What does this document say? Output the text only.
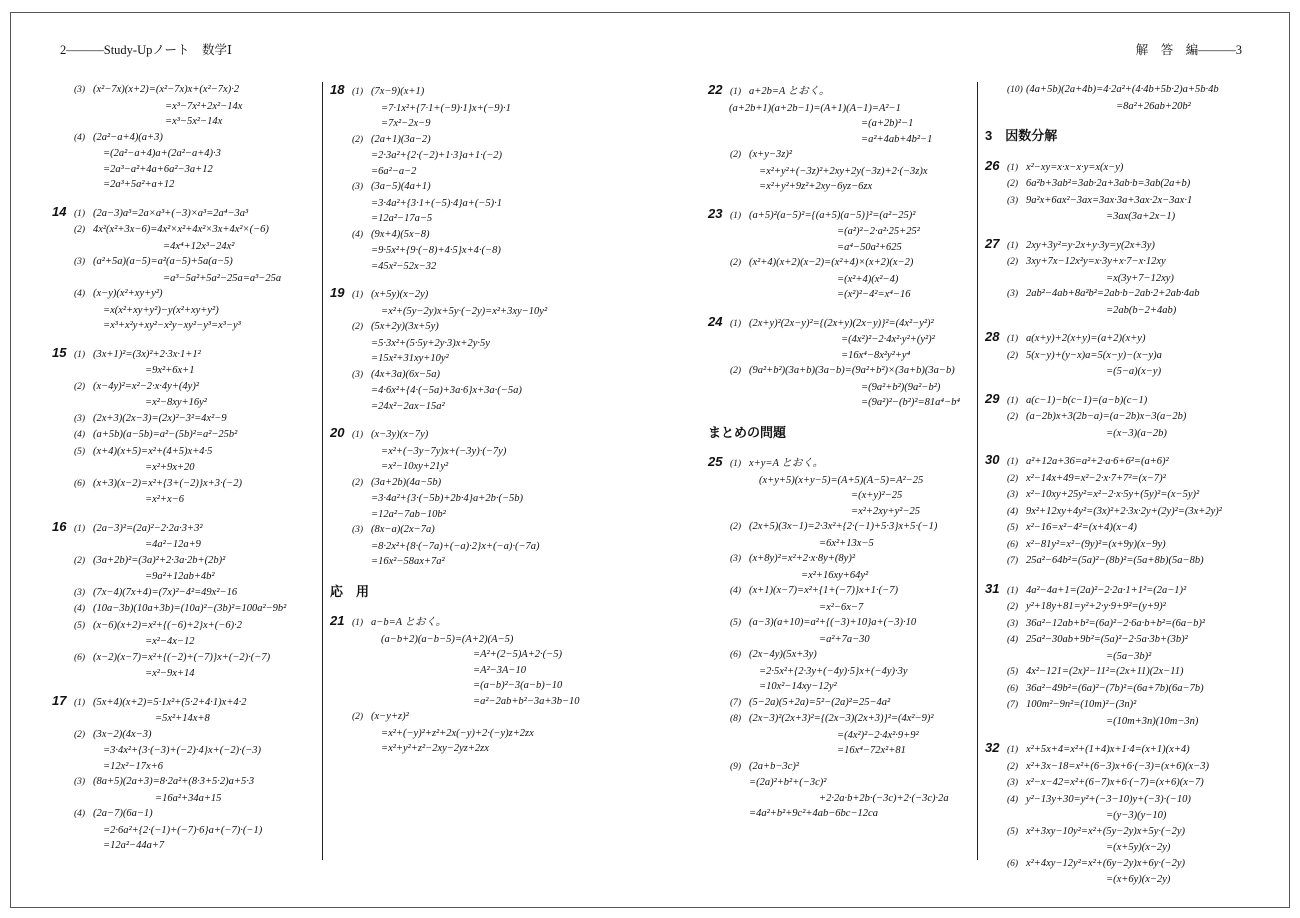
2———Study-Upノート　数学Ⅰ	解　答　編———3
(3) (x²−7x)(x+2)=(x²−7x)x+(x²−7x)·2
=x³−7x²+2x²−14x
=x³−5x²−14x
(4) (2a²−a+4)(a+3)
=(2a²−a+4)a+(2a²−a+4)·3
=2a³−a²+4a+6a²−3a+12
=2a³+5a²+a+12
14 (1) (2a−3)a³=2a×a³+(−3)×a³=2a⁴−3a³
(2) 4x²(x²+3x−6)=4x²×x²+4x²×3x+4x²×(−6)
=4x⁴+12x³−24x²
(3) (a²+5a)(a−5)=a²(a−5)+5a(a−5)
=a³−5a²+5a²−25a=a³−25a
(4) (x−y)(x²+xy+y²)
=x(x²+xy+y²)−y(x²+xy+y²)
=x³+x²y+xy²−x²y−xy²−y³=x³−y³
15 (1) (3x+1)²=(3x)²+2·3x·1+1²
=9x²+6x+1
(2) (x−4y)²=x²−2·x·4y+(4y)²
=x²−8xy+16y²
(3) (2x+3)(2x−3)=(2x)²−3²=4x²−9
(4) (a+5b)(a−5b)=a²−(5b)²=a²−25b²
(5) (x+4)(x+5)=x²+(4+5)x+4·5
=x²+9x+20
(6) (x+3)(x−2)=x²+{3+(−2)}x+3·(−2)
=x²+x−6
16 (1) (2a−3)²=(2a)²−2·2a·3+3²
=4a²−12a+9
(2) (3a+2b)²=(3a)²+2·3a·2b+(2b)²
=9a²+12ab+4b²
(3) (7x−4)(7x+4)=(7x)²−4²=49x²−16
(4) (10a−3b)(10a+3b)=(10a)²−(3b)²=100a²−9b²
(5) (x−6)(x+2)=x²+{(−6)+2}x+(−6)·2
=x²−4x−12
(6) (x−2)(x−7)=x²+{(−2)+(−7)}x+(−2)·(−7)
=x²−9x+14
17 (1) (5x+4)(x+2)=5·1x²+(5·2+4·1)x+4·2
=5x²+14x+8
(2) (3x−2)(4x−3)
=3·4x²+{3·(−3)+(−2)·4}x+(−2)·(−3)
=12x²−17x+6
(3) (8a+5)(2a+3)=8·2a²+(8·3+5·2)a+5·3
=16a²+34a+15
(4) (2a−7)(6a−1)
=2·6a²+{2·(−1)+(−7)·6}a+(−7)·(−1)
=12a²−44a+7
18 (1) (7x−9)(x+1)
=7·1x²+{7·1+(−9)·1}x+(−9)·1
=7x²−2x−9
(2) (2a+1)(3a−2)
=2·3a²+{2·(−2)+1·3}a+1·(−2)
=6a²−a−2
(3) (3a−5)(4a+1)
=3·4a²+{3·1+(−5)·4}a+(−5)·1
=12a²−17a−5
(4) (9x+4)(5x−8)
=9·5x²+{9·(−8)+4·5}x+4·(−8)
=45x²−52x−32
19 (1) (x+5y)(x−2y)
=x²+(5y−2y)x+5y·(−2y)=x²+3xy−10y²
(2) (5x+2y)(3x+5y)
=5·3x²+(5·5y+2y·3)x+2y·5y
=15x²+31xy+10y²
(3) (4x+3a)(6x−5a)
=4·6x²+{4·(−5a)+3a·6}x+3a·(−5a)
=24x²−2ax−15a²
20 (1) (x−3y)(x−7y)
=x²+(−3y−7y)x+(−3y)·(−7y)
=x²−10xy+21y²
(2) (3a+2b)(4a−5b)
=3·4a²+{3·(−5b)+2b·4}a+2b·(−5b)
=12a²−7ab−10b²
(3) (8x−a)(2x−7a)
=8·2x²+{8·(−7a)+(−a)·2}x+(−a)·(−7a)
=16x²−58ax+7a²
応　用
21 (1) a−b=A とおく。
(a−b+2)(a−b−5)=(A+2)(A−5)
=A²+(2−5)A+2·(−5)
=A²−3A−10
=(a−b)²−3(a−b)−10
=a²−2ab+b²−3a+3b−10
(2) (x−y+z)²
=x²+(−y)²+z²+2x(−y)+2·(−y)z+2zx
=x²+y²+z²−2xy−2yz+2zx
22 (1) a+2b=A とおく。
(a+2b+1)(a+2b−1)=(A+1)(A−1)=A²−1
=(a+2b)²−1
=a²+4ab+4b²−1
(2) (x+y−3z)²
=x²+y²+(−3z)²+2xy+2y(−3z)+2·(−3z)x
=x²+y²+9z²+2xy−6yz−6zx
23 (1) (a+5)²(a−5)²={(a+5)(a−5)}²=(a²−25)²
=(a²)²−2·a²·25+25²
=a⁴−50a²+625
(2) (x²+4)(x+2)(x−2)=(x²+4)×(x+2)(x−2)
=(x²+4)(x²−4)
=(x²)²−4²=x⁴−16
24 (1) (2x+y)²(2x−y)²={(2x+y)(2x−y)}²=(4x²−y²)²
=(4x²)²−2·4x²·y²+(y²)²
=16x⁴−8x²y²+y⁴
(2) (9a²+b²)(3a+b)(3a−b)=(9a²+b²)×(3a+b)(3a−b)
=(9a²+b²)(9a²−b²)
=(9a²)²−(b²)²=81a⁴−b⁴
まとめの問題
25 (1) x+y=A とおく。
(x+y+5)(x+y−5)=(A+5)(A−5)=A²−25
=(x+y)²−25
=x²+2xy+y²−25
(2) (2x+5)(3x−1)=2·3x²+{2·(−1)+5·3}x+5·(−1)
=6x²+13x−5
(3) (x+8y)²=x²+2·x·8y+(8y)²
=x²+16xy+64y²
(4) (x+1)(x−7)=x²+{1+(−7)}x+1·(−7)
=x²−6x−7
(5) (a−3)(a+10)=a²+{(−3)+10}a+(−3)·10
=a²+7a−30
(6) (2x−4y)(5x+3y)
=2·5x²+{2·3y+(−4y)·5}x+(−4y)·3y
=10x²−14xy−12y²
(7) (5−2a)(5+2a)=5²−(2a)²=25−4a²
(8) (2x−3)²(2x+3)²={(2x−3)(2x+3)}²=(4x²−9)²
=(4x²)²−2·4x²·9+9²
=16x⁴−72x²+81
(9) (2a+b−3c)²
=(2a)²+b²+(−3c)²
+2·2a·b+2b·(−3c)+2·(−3c)·2a
=4a²+b²+9c²+4ab−6bc−12ca
(10) (4a+5b)(2a+4b)=4·2a²+(4·4b+5b·2)a+5b·4b
=8a²+26ab+20b²
3　因数分解
26 (1) x²−xy=x·x−x·y=x(x−y)
(2) 6a²b+3ab²=3ab·2a+3ab·b=3ab(2a+b)
(3) 9a²x+6ax²−3ax=3ax·3a+3ax·2x−3ax·1
=3ax(3a+2x−1)
27 (1) 2xy+3y²=y·2x+y·3y=y(2x+3y)
(2) 3xy+7x−12x²y=x·3y+x·7−x·12xy
=x(3y+7−12xy)
(3) 2ab²−4ab+8a²b²=2ab·b−2ab·2+2ab·4ab
=2ab(b−2+4ab)
28 (1) a(x+y)+2(x+y)=(a+2)(x+y)
(2) 5(x−y)+(y−x)a=5(x−y)−(x−y)a
=(5−a)(x−y)
29 (1) a(c−1)−b(c−1)=(a−b)(c−1)
(2) (a−2b)x+3(2b−a)=(a−2b)x−3(a−2b)
=(x−3)(a−2b)
30 (1) a²+12a+36=a²+2·a·6+6²=(a+6)²
(2) x²−14x+49=x²−2·x·7+7²=(x−7)²
(3) x²−10xy+25y²=x²−2·x·5y+(5y)²=(x−5y)²
(4) 9x²+12xy+4y²=(3x)²+2·3x·2y+(2y)²=(3x+2y)²
(5) x²−16=x²−4²=(x+4)(x−4)
(6) x²−81y²=x²−(9y)²=(x+9y)(x−9y)
(7) 25a²−64b²=(5a)²−(8b)²=(5a+8b)(5a−8b)
31 (1) 4a²−4a+1=(2a)²−2·2a·1+1²=(2a−1)²
(2) y²+18y+81=y²+2·y·9+9²=(y+9)²
(3) 36a²−12ab+b²=(6a)²−2·6a·b+b²=(6a−b)²
(4) 25a²−30ab+9b²=(5a)²−2·5a·3b+(3b)²
=(5a−3b)²
(5) 4x²−121=(2x)²−11²=(2x+11)(2x−11)
(6) 36a²−49b²=(6a)²−(7b)²=(6a+7b)(6a−7b)
(7) 100m²−9n²=(10m)²−(3n)²
=(10m+3n)(10m−3n)
32 (1) x²+5x+4=x²+(1+4)x+1·4=(x+1)(x+4)
(2) x²+3x−18=x²+(6−3)x+6·(−3)=(x+6)(x−3)
(3) x²−x−42=x²+(6−7)x+6·(−7)=(x+6)(x−7)
(4) y²−13y+30=y²+(−3−10)y+(−3)·(−10)
=(y−3)(y−10)
(5) x²+3xy−10y²=x²+(5y−2y)x+5y·(−2y)
=(x+5y)(x−2y)
(6) x²+4xy−12y²=x²+(6y−2y)x+6y·(−2y)
=(x+6y)(x−2y)
